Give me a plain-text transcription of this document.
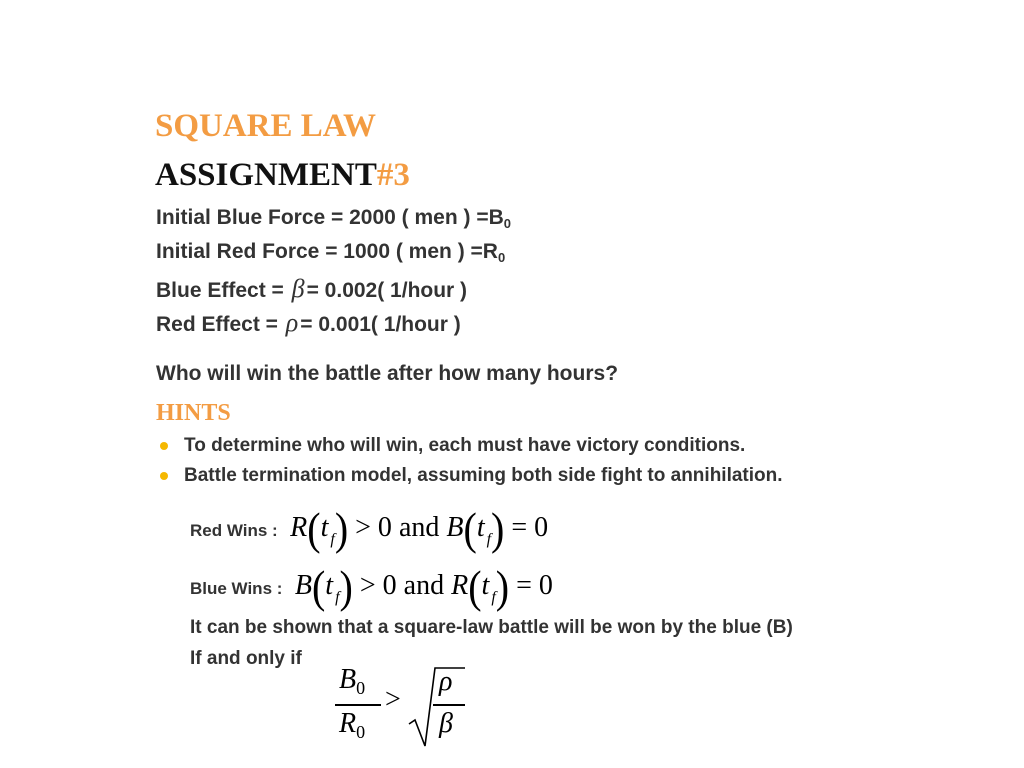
SQUARE LAW
ASSIGNMENT#3
Initial Blue Force = 2000 ( men ) $=B_0$
Initial Red Force = 1000 ( men ) $=R_0$
Blue Effect = β= 0.002( 1/hour )
Red Effect = ρ= 0.001( 1/hour )
Who will win the battle after how many hours?
HINTS
To determine who will win, each must have victory conditions.
Battle termination model, assuming both side fight to annihilation.
Red Wins : R(t $_f$) > 0 and B(t $_f$) = 0
Blue Wins : B(t $_f$) > 0 and R(t $_f$) = 0
It can be shown that a square-law battle will be won by the blue (B)
If and only if
$B_0$
$R_0$
>
ρ
β
